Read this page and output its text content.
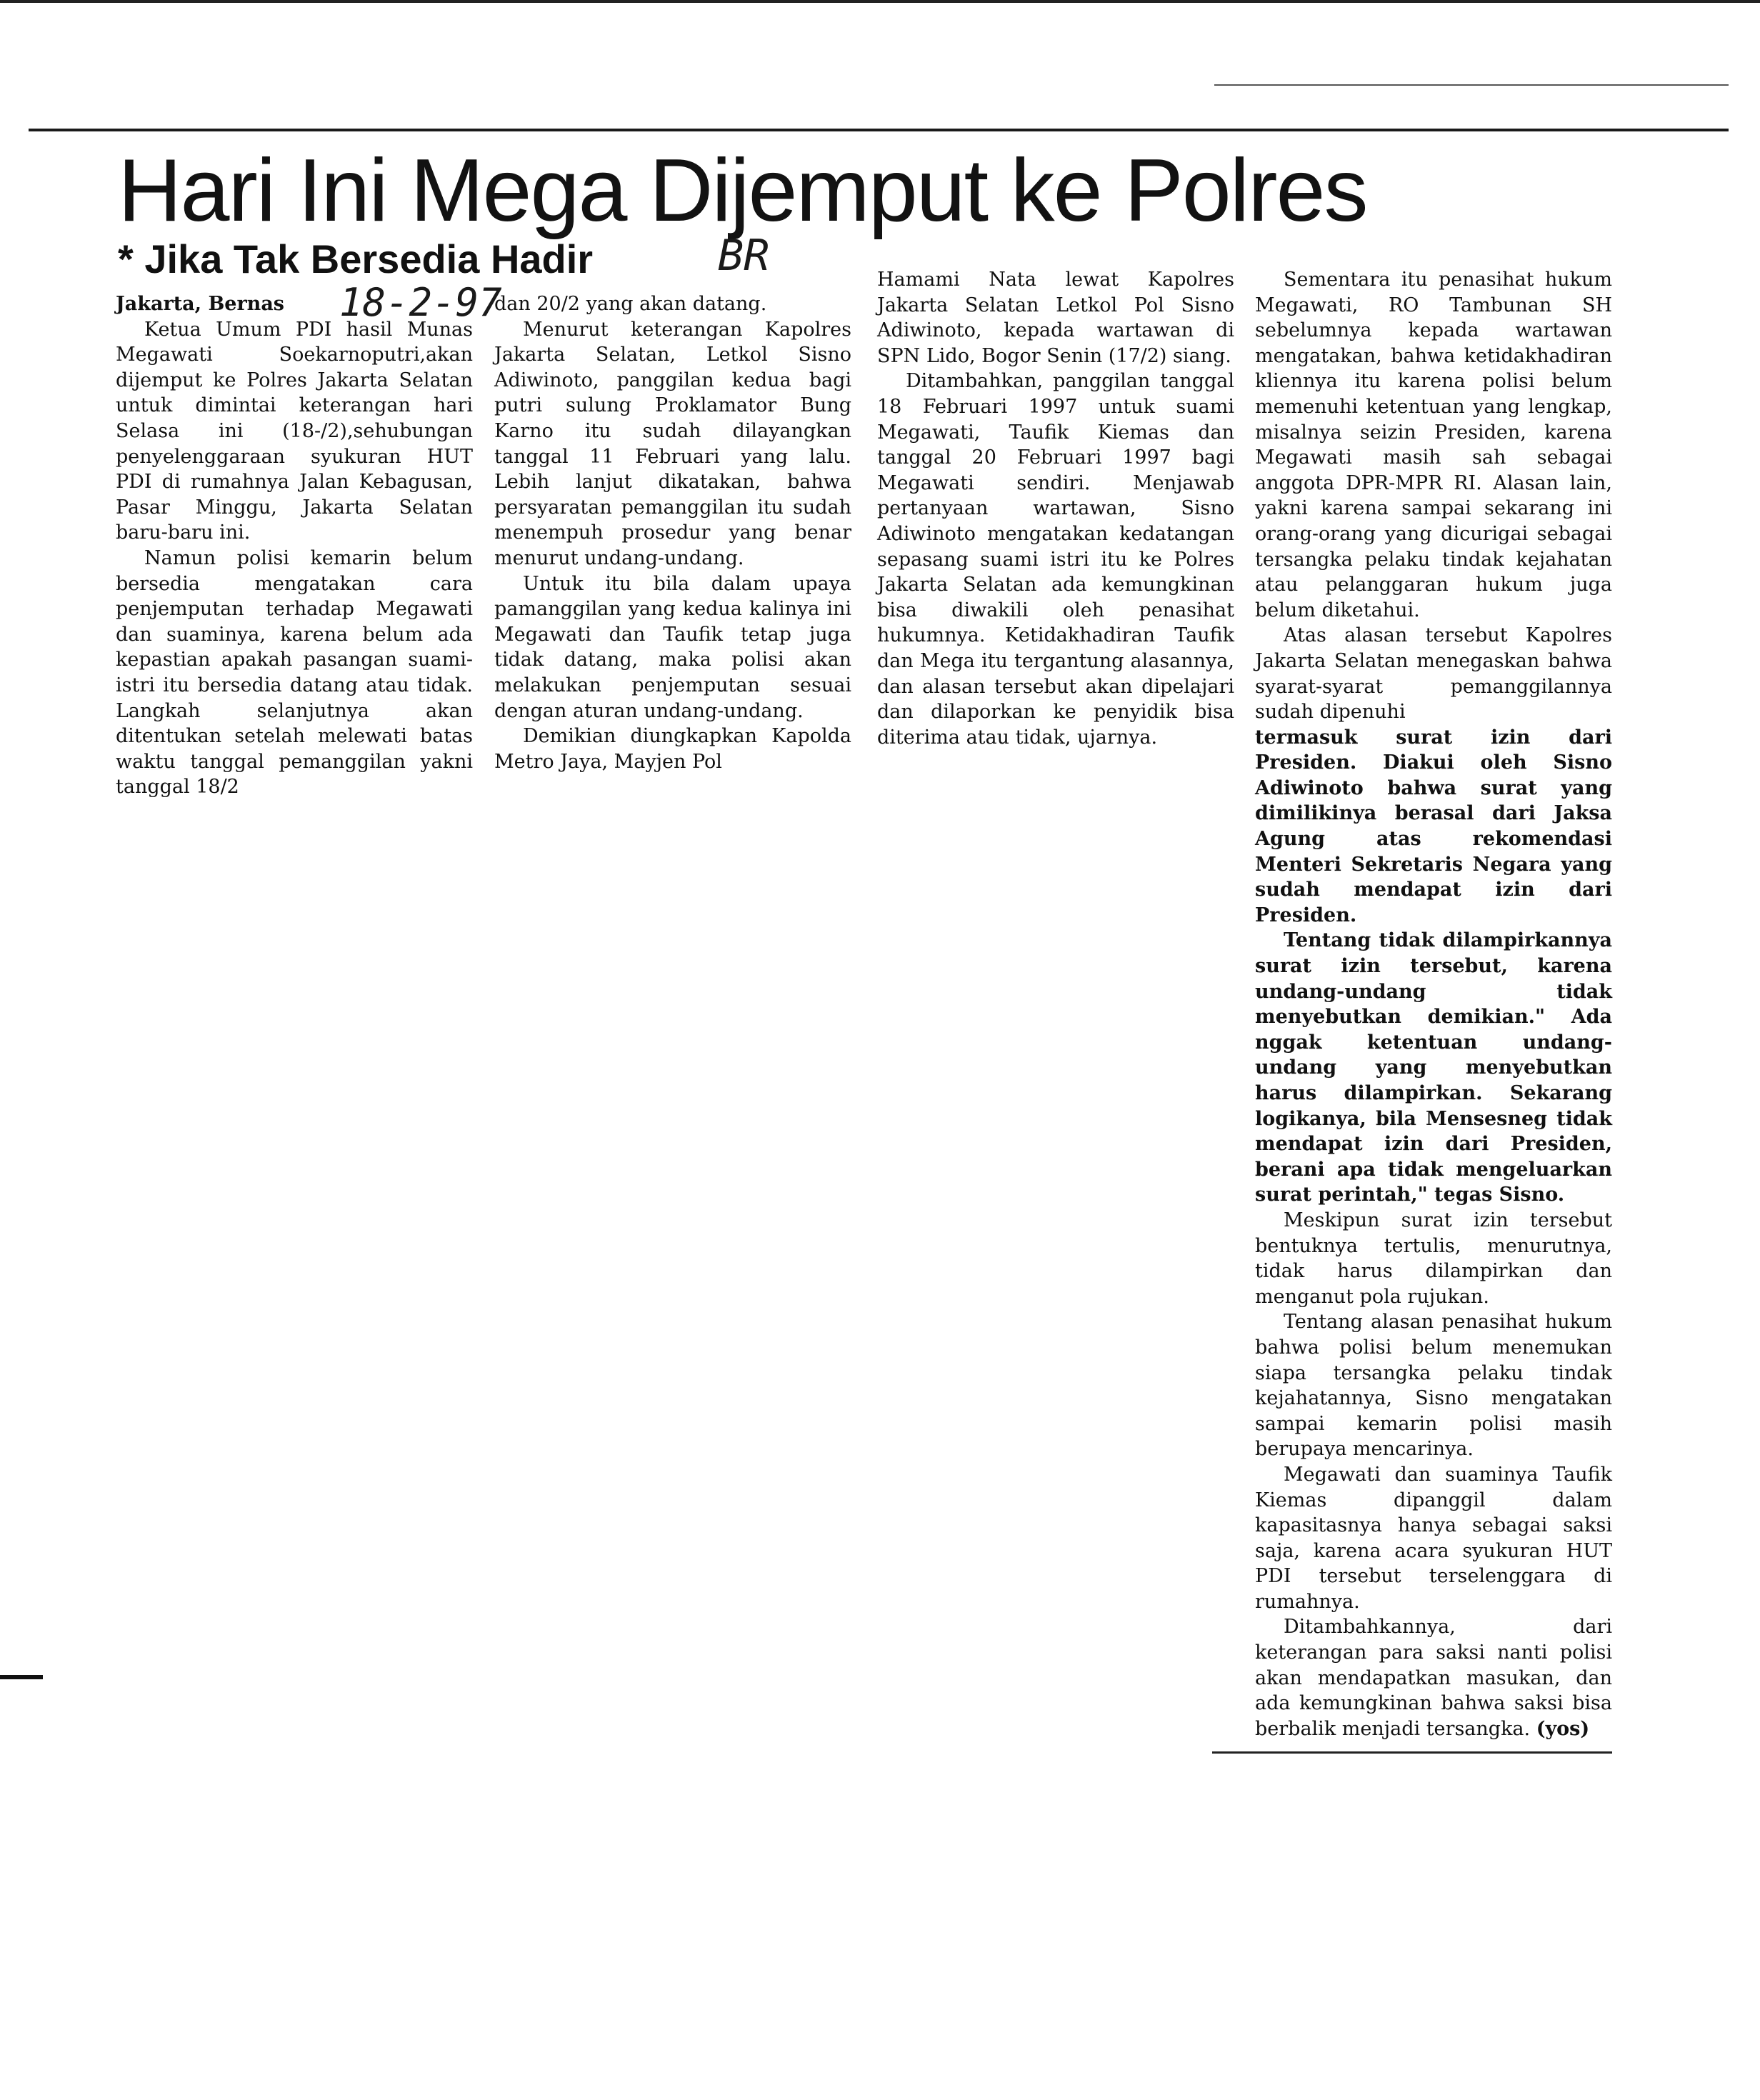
Hari Ini Mega Dijemput ke Polres
* Jika Tak Bersedia Hadir
18-2-97
BR

Jakarta, Bernas

Ketua Umum PDI hasil Munas Megawati Soekarnoputri,akan dijemput ke Polres Jakarta Selatan untuk dimintai keterangan hari Selasa ini (18-/2),sehubungan penyelenggaraan syukuran HUT PDI di rumahnya Jalan Kebagusan, Pasar Minggu, Jakarta Selatan baru-baru ini.

Namun polisi kemarin belum bersedia mengatakan cara penjemputan terhadap Megawati dan suaminya, karena belum ada kepastian apakah pasangan suami-istri itu bersedia datang atau tidak. Langkah selanjutnya akan ditentukan setelah melewati batas waktu tanggal pemanggilan yakni tanggal 18/2

dan 20/2 yang akan datang.

Menurut keterangan Kapolres Jakarta Selatan, Letkol Sisno Adiwinoto, panggilan kedua bagi putri sulung Proklamator Bung Karno itu sudah dilayangkan tanggal 11 Februari yang lalu. Lebih lanjut dikatakan, bahwa persyaratan pemanggilan itu sudah menempuh prosedur yang benar menurut undang-undang.

Untuk itu bila dalam upaya pamanggilan yang kedua kalinya ini Megawati dan Taufik tetap juga tidak datang, maka polisi akan melakukan penjemputan sesuai dengan aturan undang-undang.

Demikian diungkapkan Kapolda Metro Jaya, Mayjen Pol

Hamami Nata lewat Kapolres Jakarta Selatan Letkol Pol Sisno Adiwinoto, kepada wartawan di SPN Lido, Bogor Senin (17/2) siang.

Ditambahkan, panggilan tanggal 18 Februari 1997 untuk suami Megawati, Taufik Kiemas dan tanggal 20 Februari 1997 bagi Megawati sendiri. Menjawab pertanyaan wartawan, Sisno Adiwinoto mengatakan kedatangan sepasang suami istri itu ke Polres Jakarta Selatan ada kemungkinan bisa diwakili oleh penasihat hukumnya. Ketidakhadiran Taufik dan Mega itu tergantung alasannya, dan alasan tersebut akan dipelajari dan dilaporkan ke penyidik bisa diterima atau tidak, ujarnya.

Sementara itu penasihat hukum Megawati, RO Tambunan SH sebelumnya kepada wartawan mengatakan, bahwa ketidakhadiran kliennya itu karena polisi belum memenuhi ketentuan yang lengkap, misalnya seizin Presiden, karena Megawati masih sah sebagai anggota DPR-MPR RI. Alasan lain, yakni karena sampai sekarang ini orang-orang yang dicurigai sebagai tersangka pelaku tindak kejahatan atau pelanggaran hukum juga belum diketahui.

Atas alasan tersebut Kapolres Jakarta Selatan menegaskan bahwa syarat-syarat pemanggilannya sudah dipenuhi

termasuk surat izin dari Presiden. Diakui oleh Sisno Adiwinoto bahwa surat yang dimilikinya berasal dari Jaksa Agung atas rekomendasi Menteri Sekretaris Negara yang sudah mendapat izin dari Presiden.

Tentang tidak dilampirkannya surat izin tersebut, karena undang-undang tidak menyebutkan demikian." Ada nggak ketentuan undang-undang yang menyebutkan harus dilampirkan. Sekarang logikanya, bila Mensesneg tidak mendapat izin dari Presiden, berani apa tidak mengeluarkan surat perintah," tegas Sisno.

Meskipun surat izin tersebut bentuknya tertulis, menurutnya, tidak harus dilampirkan dan menganut pola rujukan.

Tentang alasan penasihat hukum bahwa polisi belum menemukan siapa tersangka pelaku tindak kejahatannya, Sisno mengatakan sampai kemarin polisi masih berupaya mencarinya.

Megawati dan suaminya Taufik Kiemas dipanggil dalam kapasitasnya hanya sebagai saksi saja, karena acara syukuran HUT PDI tersebut terselenggara di rumahnya.

Ditambahkannya, dari keterangan para saksi nanti polisi akan mendapatkan masukan, dan ada kemungkinan bahwa saksi bisa berbalik menjadi tersangka. (yos)
